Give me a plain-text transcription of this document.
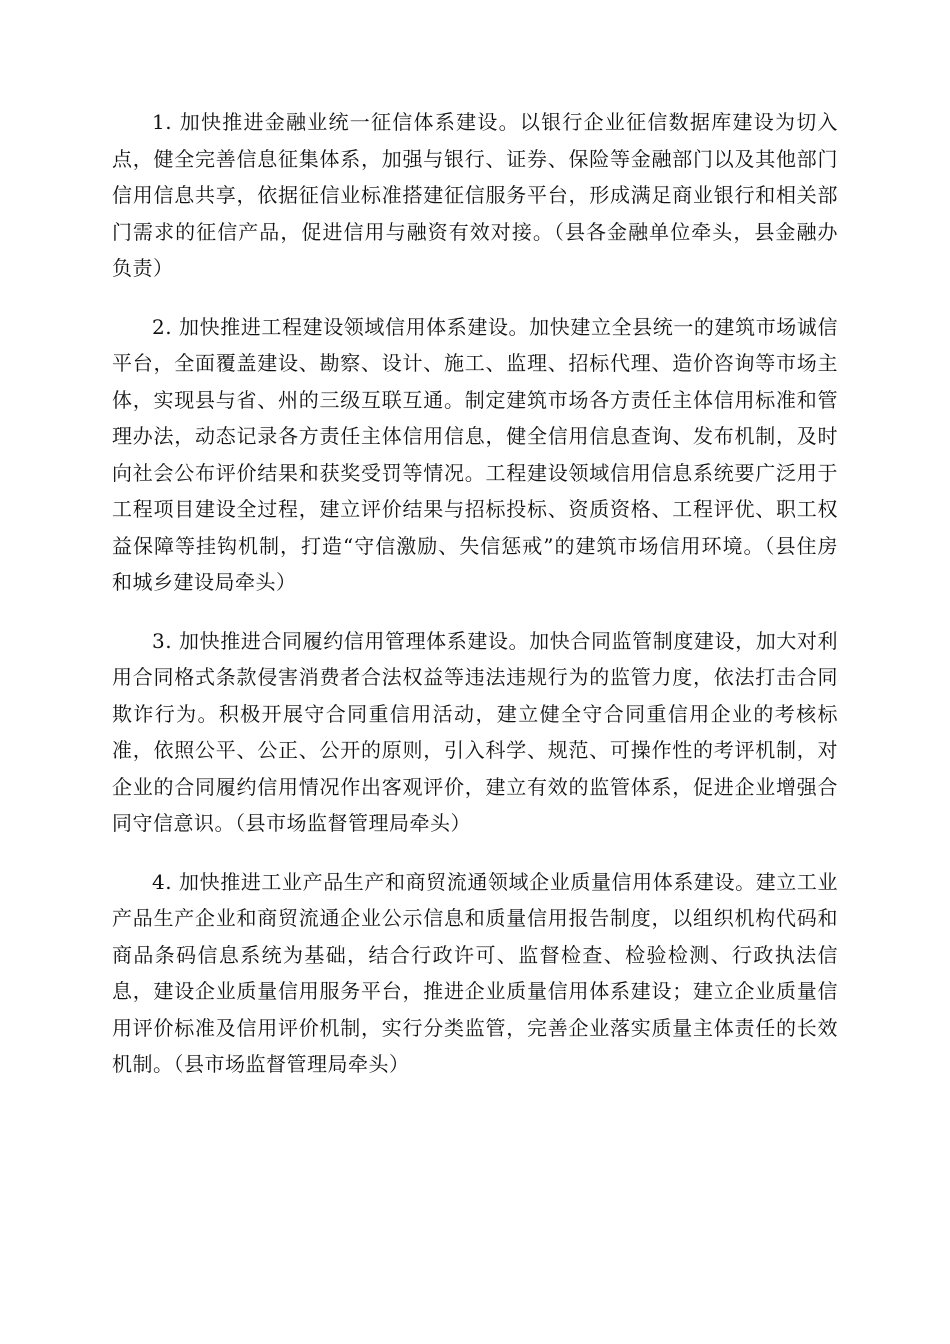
1. 加快推进金融业统一征信体系建设。以银行企业征信数据库建设为切入点，健全完善信息征集体系，加强与银行、证券、保险等金融部门以及其他部门信用信息共享，依据征信业标准搭建征信服务平台，形成满足商业银行和相关部门需求的征信产品，促进信用与融资有效对接。（县各金融单位牵头，县金融办负责）

2. 加快推进工程建设领域信用体系建设。加快建立全县统一的建筑市场诚信平台，全面覆盖建设、勘察、设计、施工、监理、招标代理、造价咨询等市场主体，实现县与省、州的三级互联互通。制定建筑市场各方责任主体信用标准和管理办法，动态记录各方责任主体信用信息，健全信用信息查询、发布机制，及时向社会公布评价结果和获奖受罚等情况。工程建设领域信用信息系统要广泛用于工程项目建设全过程，建立评价结果与招标投标、资质资格、工程评优、职工权益保障等挂钩机制，打造“守信激励、失信惩戒”的建筑市场信用环境。（县住房和城乡建设局牵头）

3. 加快推进合同履约信用管理体系建设。加快合同监管制度建设，加大对利用合同格式条款侵害消费者合法权益等违法违规行为的监管力度，依法打击合同欺诈行为。积极开展守合同重信用活动，建立健全守合同重信用企业的考核标准，依照公平、公正、公开的原则，引入科学、规范、可操作性的考评机制，对企业的合同履约信用情况作出客观评价，建立有效的监管体系，促进企业增强合同守信意识。（县市场监督管理局牵头）

4. 加快推进工业产品生产和商贸流通领域企业质量信用体系建设。建立工业产品生产企业和商贸流通企业公示信息和质量信用报告制度，以组织机构代码和商品条码信息系统为基础，结合行政许可、监督检查、检验检测、行政执法信息，建设企业质量信用服务平台，推进企业质量信用体系建设；建立企业质量信用评价标准及信用评价机制，实行分类监管，完善企业落实质量主体责任的长效机制。（县市场监督管理局牵头）
